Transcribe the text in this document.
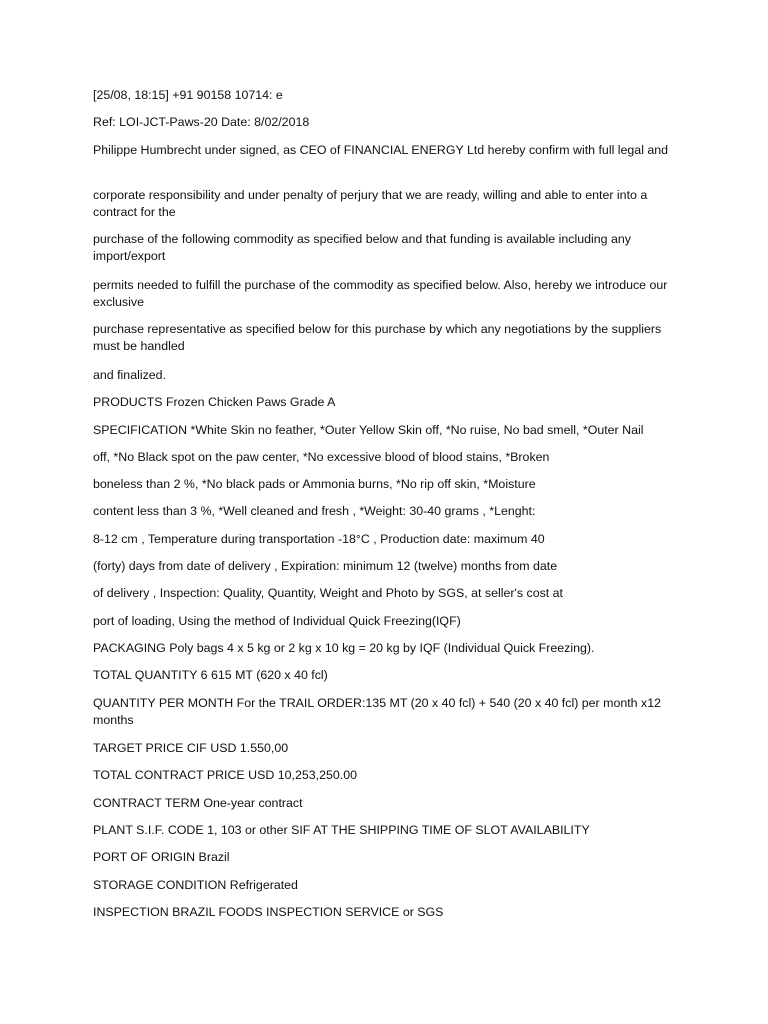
[25/08, 18:15] +91 90158 10714: e
Ref: LOI-JCT-Paws-20 Date: 8/02/2018
Philippe Humbrecht under signed, as CEO of FINANCIAL ENERGY Ltd hereby confirm with full legal and
corporate responsibility and under penalty of perjury that we are ready, willing and able to enter into a contract for the
purchase of the following commodity as specified below and that funding is available including any import/export
permits needed to fulfill the purchase of the commodity as specified below. Also, hereby we introduce our exclusive
purchase representative as specified below for this purchase by which any negotiations by the suppliers must be handled
and finalized.
PRODUCTS Frozen Chicken Paws Grade A
SPECIFICATION *White Skin no feather, *Outer Yellow Skin off, *No ruise, No bad smell, *Outer Nail
off, *No Black spot on the paw center, *No excessive blood of blood stains, *Broken
boneless than 2 %, *No black pads or Ammonia burns, *No rip off skin, *Moisture
content less than 3 %, *Well cleaned and fresh , *Weight: 30-40 grams , *Lenght:
8-12 cm , Temperature during transportation -18°C , Production date: maximum 40
(forty) days from date of delivery , Expiration: minimum 12 (twelve) months from date
of delivery , Inspection: Quality, Quantity, Weight and Photo by SGS, at seller's cost at
port of loading, Using the method of Individual Quick Freezing(IQF)
PACKAGING Poly bags 4 x 5 kg or 2 kg x 10 kg = 20 kg by IQF (Individual Quick Freezing).
TOTAL QUANTITY 6 615 MT (620 x 40 fcl)
QUANTITY PER MONTH For the TRAIL ORDER:135 MT (20 x 40 fcl) + 540 (20 x 40 fcl) per month x12 months
TARGET PRICE CIF USD 1.550,00
TOTAL CONTRACT PRICE USD 10,253,250.00
CONTRACT TERM One-year contract
PLANT S.I.F. CODE 1, 103 or other SIF AT THE SHIPPING TIME OF SLOT AVAILABILITY
PORT OF ORIGIN Brazil
STORAGE CONDITION Refrigerated
INSPECTION BRAZIL FOODS INSPECTION SERVICE or SGS
